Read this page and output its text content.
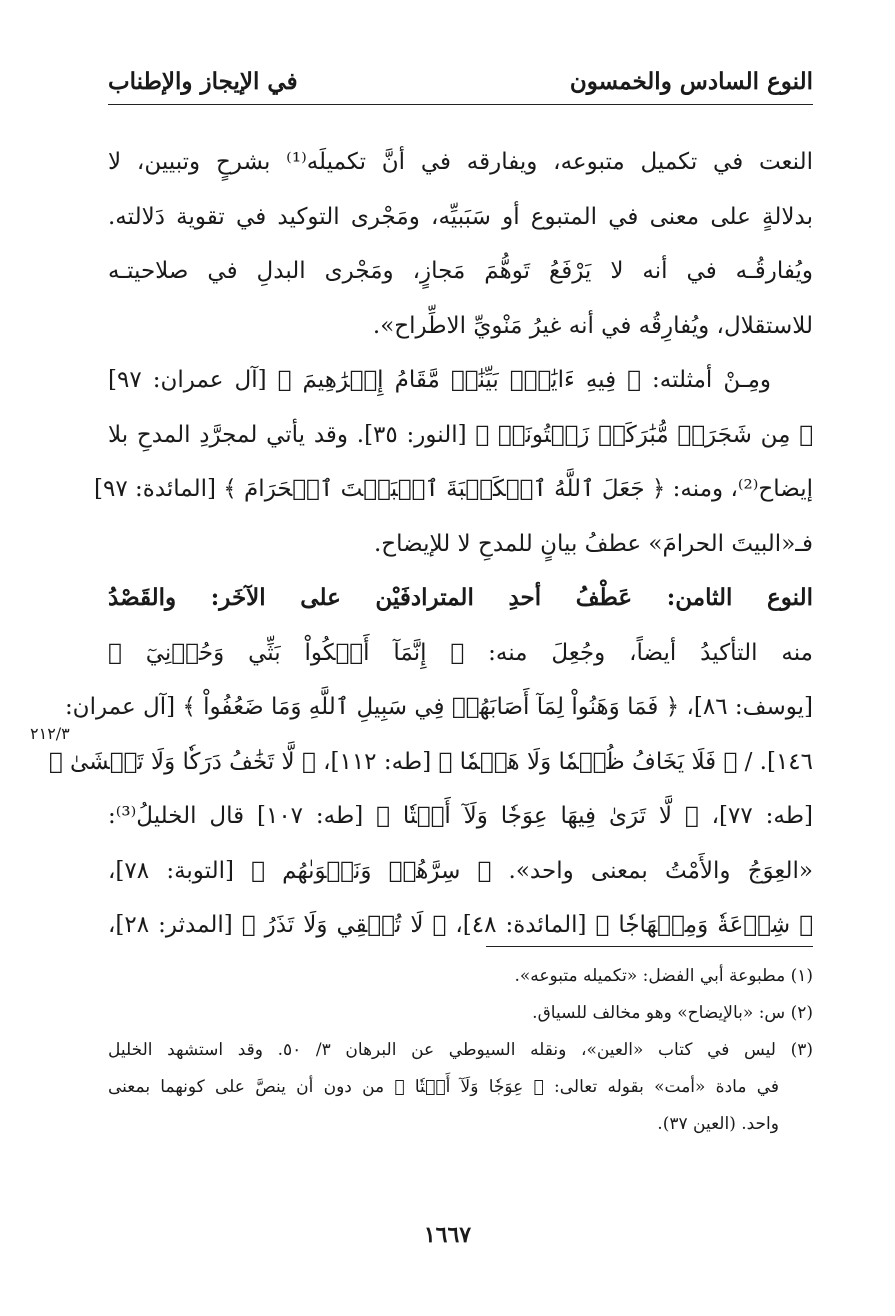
النوع السادس والخمسون
في الإيجاز والإطناب
النعت في تكميل متبوعه، ويفارقه في أنَّ تكميلَه⁽¹⁾ بشرحٍ وتبيين، لا
بدلالةٍ على معنى في المتبوع أو سَبَبيِّه، ومَجْرى التوكيد في تقوية دَلالته.
ويُفارقُـه في أنه لا يَرْفَعُ تَوهُّمَ مَجازٍ، ومَجْرى البدلِ في صلاحيتـه
للاستقلال، ويُفارِقُه في أنه غيرُ مَنْويِّ الاطِّراح».
ومِـنْ أمثلته: ﴿ فِيهِ ءَايَٰتُۢ بَيِّنَٰتٞ مَّقَامُ إِبۡرَٰهِيمَ ﴾ [آل عمران: ٩٧]
﴿ مِن شَجَرَةٖ مُّبَٰرَكَةٖ زَيۡتُونَةٖ ﴾ [النور: ٣٥]. وقد يأتي لمجرَّدِ المدحِ بلا
إيضاح⁽²⁾، ومنه: ﴿ جَعَلَ ٱللَّهُ ٱلۡكَعۡبَةَ ٱلۡبَيۡتَ ٱلۡحَرَامَ ﴾ [المائدة: ٩٧]
فـ«البيتَ الحرامَ» عطفُ بيانٍ للمدحِ لا للإيضاح.
النوع الثامن: عَطْفُ أحدِ المترادفَيْن على الآخَر: والقَصْدُ
منه التأكيدُ أيضاً، وجُعِلَ منه: ﴿ إِنَّمَآ أَشۡكُواْ بَثِّي وَحُزۡنِيٓ ﴾
[يوسف: ٨٦]، ﴿ فَمَا وَهَنُواْ لِمَآ أَصَابَهُمۡ فِي سَبِيلِ ٱللَّهِ وَمَا ضَعُفُواْ ﴾ [آل عمران:
١٤٦]. / ﴿ فَلَا يَخَافُ ظُلۡمٗا وَلَا هَضۡمٗا ﴾ [طه: ١١٢]، ﴿ لَّا تَخَٰفُ دَرَكٗا وَلَا تَخۡشَىٰ ﴾
[طه: ٧٧]، ﴿ لَّا تَرَىٰ فِيهَا عِوَجٗا وَلَآ أَمۡتٗا ﴾ [طه: ١٠٧] قال الخليلُ⁽³⁾:
«العِوَجُ والأَمْتُ بمعنى واحد». ﴿ سِرَّهُمۡ وَنَجۡوَىٰهُم ﴾ [التوبة: ٧٨]،
﴿ شِرۡعَةٗ وَمِنۡهَاجٗا ﴾ [المائدة: ٤٨]، ﴿ لَا تُبۡقِي وَلَا تَذَرُ ﴾ [المدثر: ٢٨]،
٢١٢/٣
(١) مطبوعة أبي الفضل: «تكميله متبوعه».
(٢) س: «بالإيضاح» وهو مخالف للسياق.
(٣) ليس في كتاب «العين»، ونقله السيوطي عن البرهان ٣/ ٥٠. وقد استشهد الخليل
في مادة «أمت» بقوله تعالى: ﴿ عِوَجٗا وَلَآ أَمۡتٗا ﴾ من دون أن ينصَّ على كونهما بمعنى
واحد. (العين ٣٧).
١٦٦٧
